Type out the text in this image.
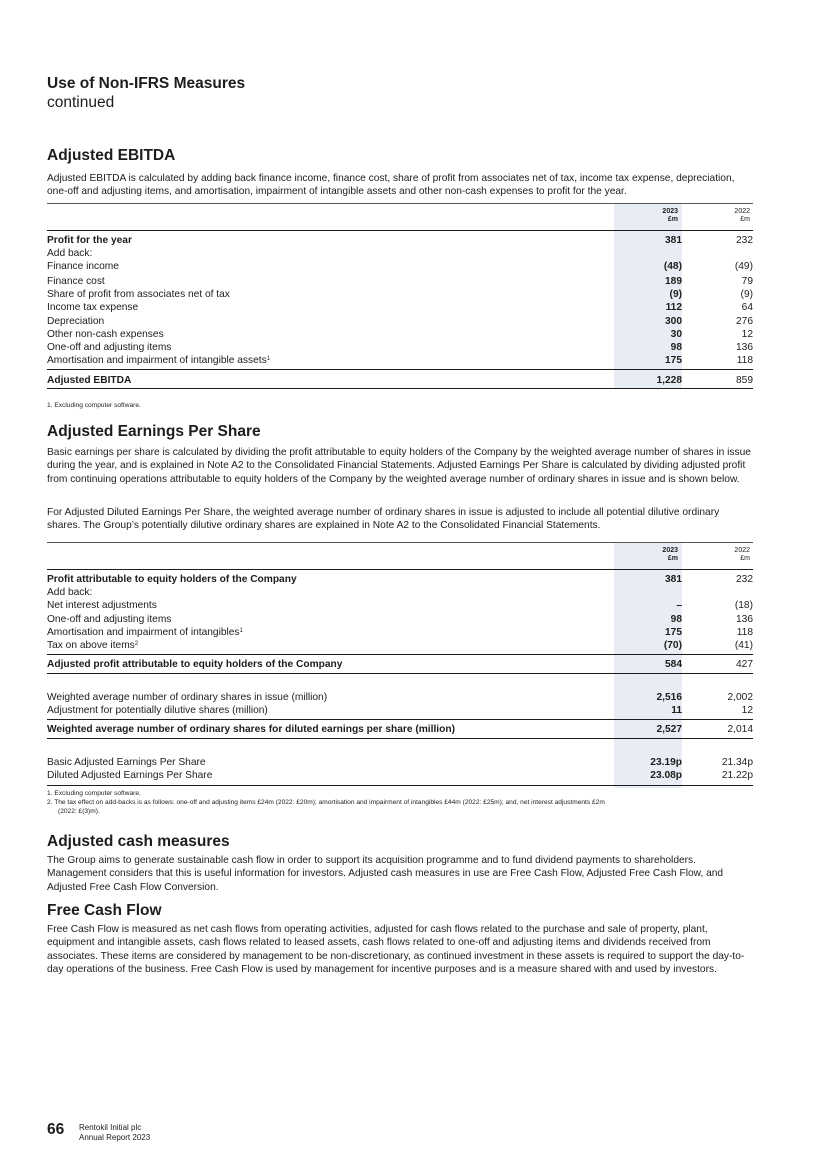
Use of Non-IFRS Measures
continued
Adjusted EBITDA
Adjusted EBITDA is calculated by adding back finance income, finance cost, share of profit from associates net of tax, income tax expense, depreciation, one-off and adjusting items, and amortisation, impairment of intangible assets and other non-cash expenses to profit for the year.
2023
£m
2022
£m
Profit for the year	381	232
Add back:
Finance income	(48)	(49)
Finance cost	189	79
Share of profit from associates net of tax	(9)	(9)
Income tax expense	112	64
Depreciation	300	276
Other non-cash expenses	30	12
One-off and adjusting items	98	136
Amortisation and impairment of intangible assets$^1$	175	118
Adjusted EBITDA	1,228	859
1. Excluding computer software.
Adjusted Earnings Per Share
Basic earnings per share is calculated by dividing the profit attributable to equity holders of the Company by the weighted average number of shares in issue during the year, and is explained in Note A2 to the Consolidated Financial Statements. Adjusted Earnings Per Share is calculated by dividing adjusted profit from continuing operations attributable to equity holders of the Company by the weighted average number of ordinary shares in issue and is shown below.
For Adjusted Diluted Earnings Per Share, the weighted average number of ordinary shares in issue is adjusted to include all potential dilutive ordinary shares. The Group’s potentially dilutive ordinary shares are explained in Note A2 to the Consolidated Financial Statements.
2023
£m
2022
£m
Profit attributable to equity holders of the Company	381	232
Add back:
Net interest adjustments	–	(18)
One-off and adjusting items	98	136
Amortisation and impairment of intangibles$^1$	175	118
Tax on above items$^2$	(70)	(41)
Adjusted profit attributable to equity holders of the Company	584	427
Weighted average number of ordinary shares in issue (million)	2,516	2,002
Adjustment for potentially dilutive shares (million)	11	12
Weighted average number of ordinary shares for diluted earnings per share (million)	2,527	2,014
Basic Adjusted Earnings Per Share	23.19p	21.34p
Diluted Adjusted Earnings Per Share	23.08p	21.22p
1. Excluding computer software.
2. The tax effect on add-backs is as follows: one-off and adjusting items £24m (2022: £20m); amortisation and impairment of intangibles £44m (2022: £25m); and, net interest adjustments £2m
(2022: £(3)m).
Adjusted cash measures
The Group aims to generate sustainable cash flow in order to support its acquisition programme and to fund dividend payments to shareholders. Management considers that this is useful information for investors. Adjusted cash measures in use are Free Cash Flow, Adjusted Free Cash Flow, and Adjusted Free Cash Flow Conversion.
Free Cash Flow
Free Cash Flow is measured as net cash flows from operating activities, adjusted for cash flows related to the purchase and sale of property, plant, equipment and intangible assets, cash flows related to leased assets, cash flows related to one-off and adjusting items and dividends received from associates. These items are considered by management to be non-discretionary, as continued investment in these assets is required to support the day-to-day operations of the business. Free Cash Flow is used by management for incentive purposes and is a measure shared with and used by investors.
66 Rentokil Initial plc
Annual Report 2023
